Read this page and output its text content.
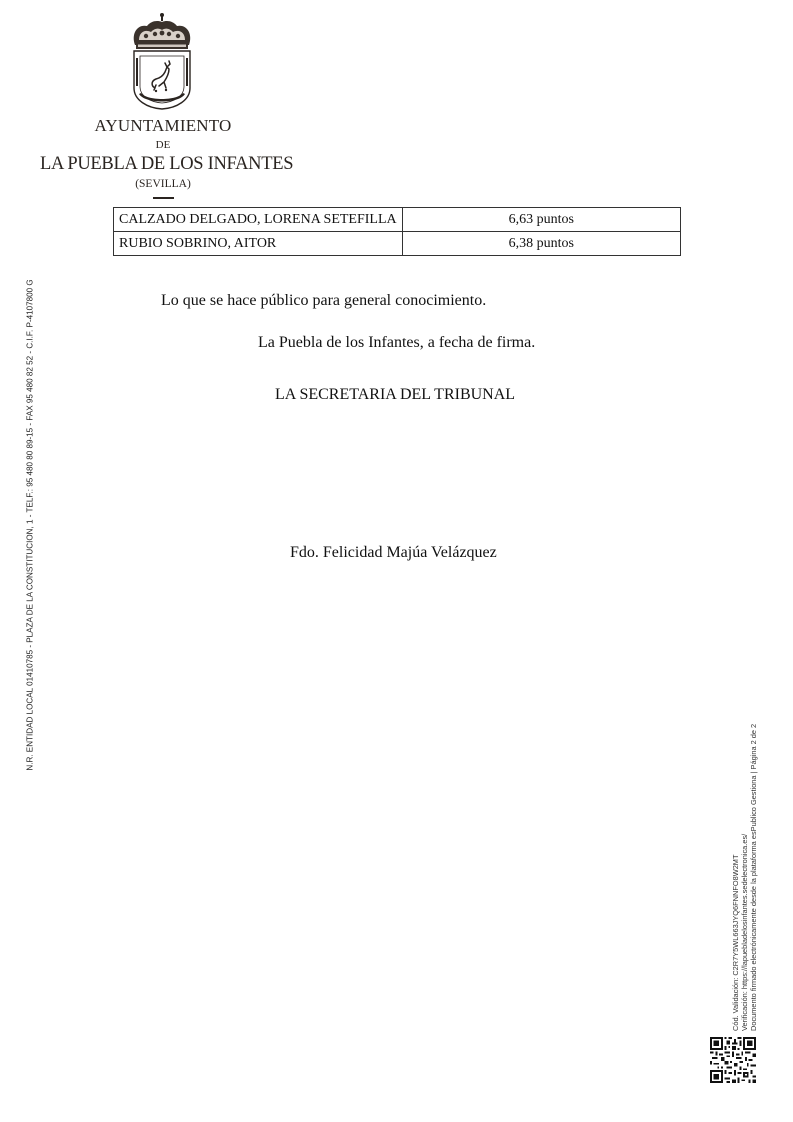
AYUNTAMIENTO
DE
LA PUEBLA DE LOS INFANTES
(SEVILLA)
CALZADO DELGADO, LORENA SETEFILLA	6,63 puntos
RUBIO SOBRINO, AITOR	6,38 puntos
Lo que se hace público para general conocimiento.
La Puebla de los Infantes, a fecha de firma.
LA SECRETARIA DEL TRIBUNAL
Fdo. Felicidad Majúa Velázquez
N.R. ENTIDAD LOCAL 01410785 - PLAZA DE LA CONSTITUCION, 1 - TELF.: 95 480 80 89-15 - FAX 95 480 82 52 - C.I.F. P-4107800 G
Cód. Validación: C2R7Y5WL663JYQ6FNNFO8W2MT Verificación: https://lapuebladelosinfantes.sedelectronica.es/ Documento firmado electrónicamente desde la plataforma esPublico Gestiona | Página 2 de 2
